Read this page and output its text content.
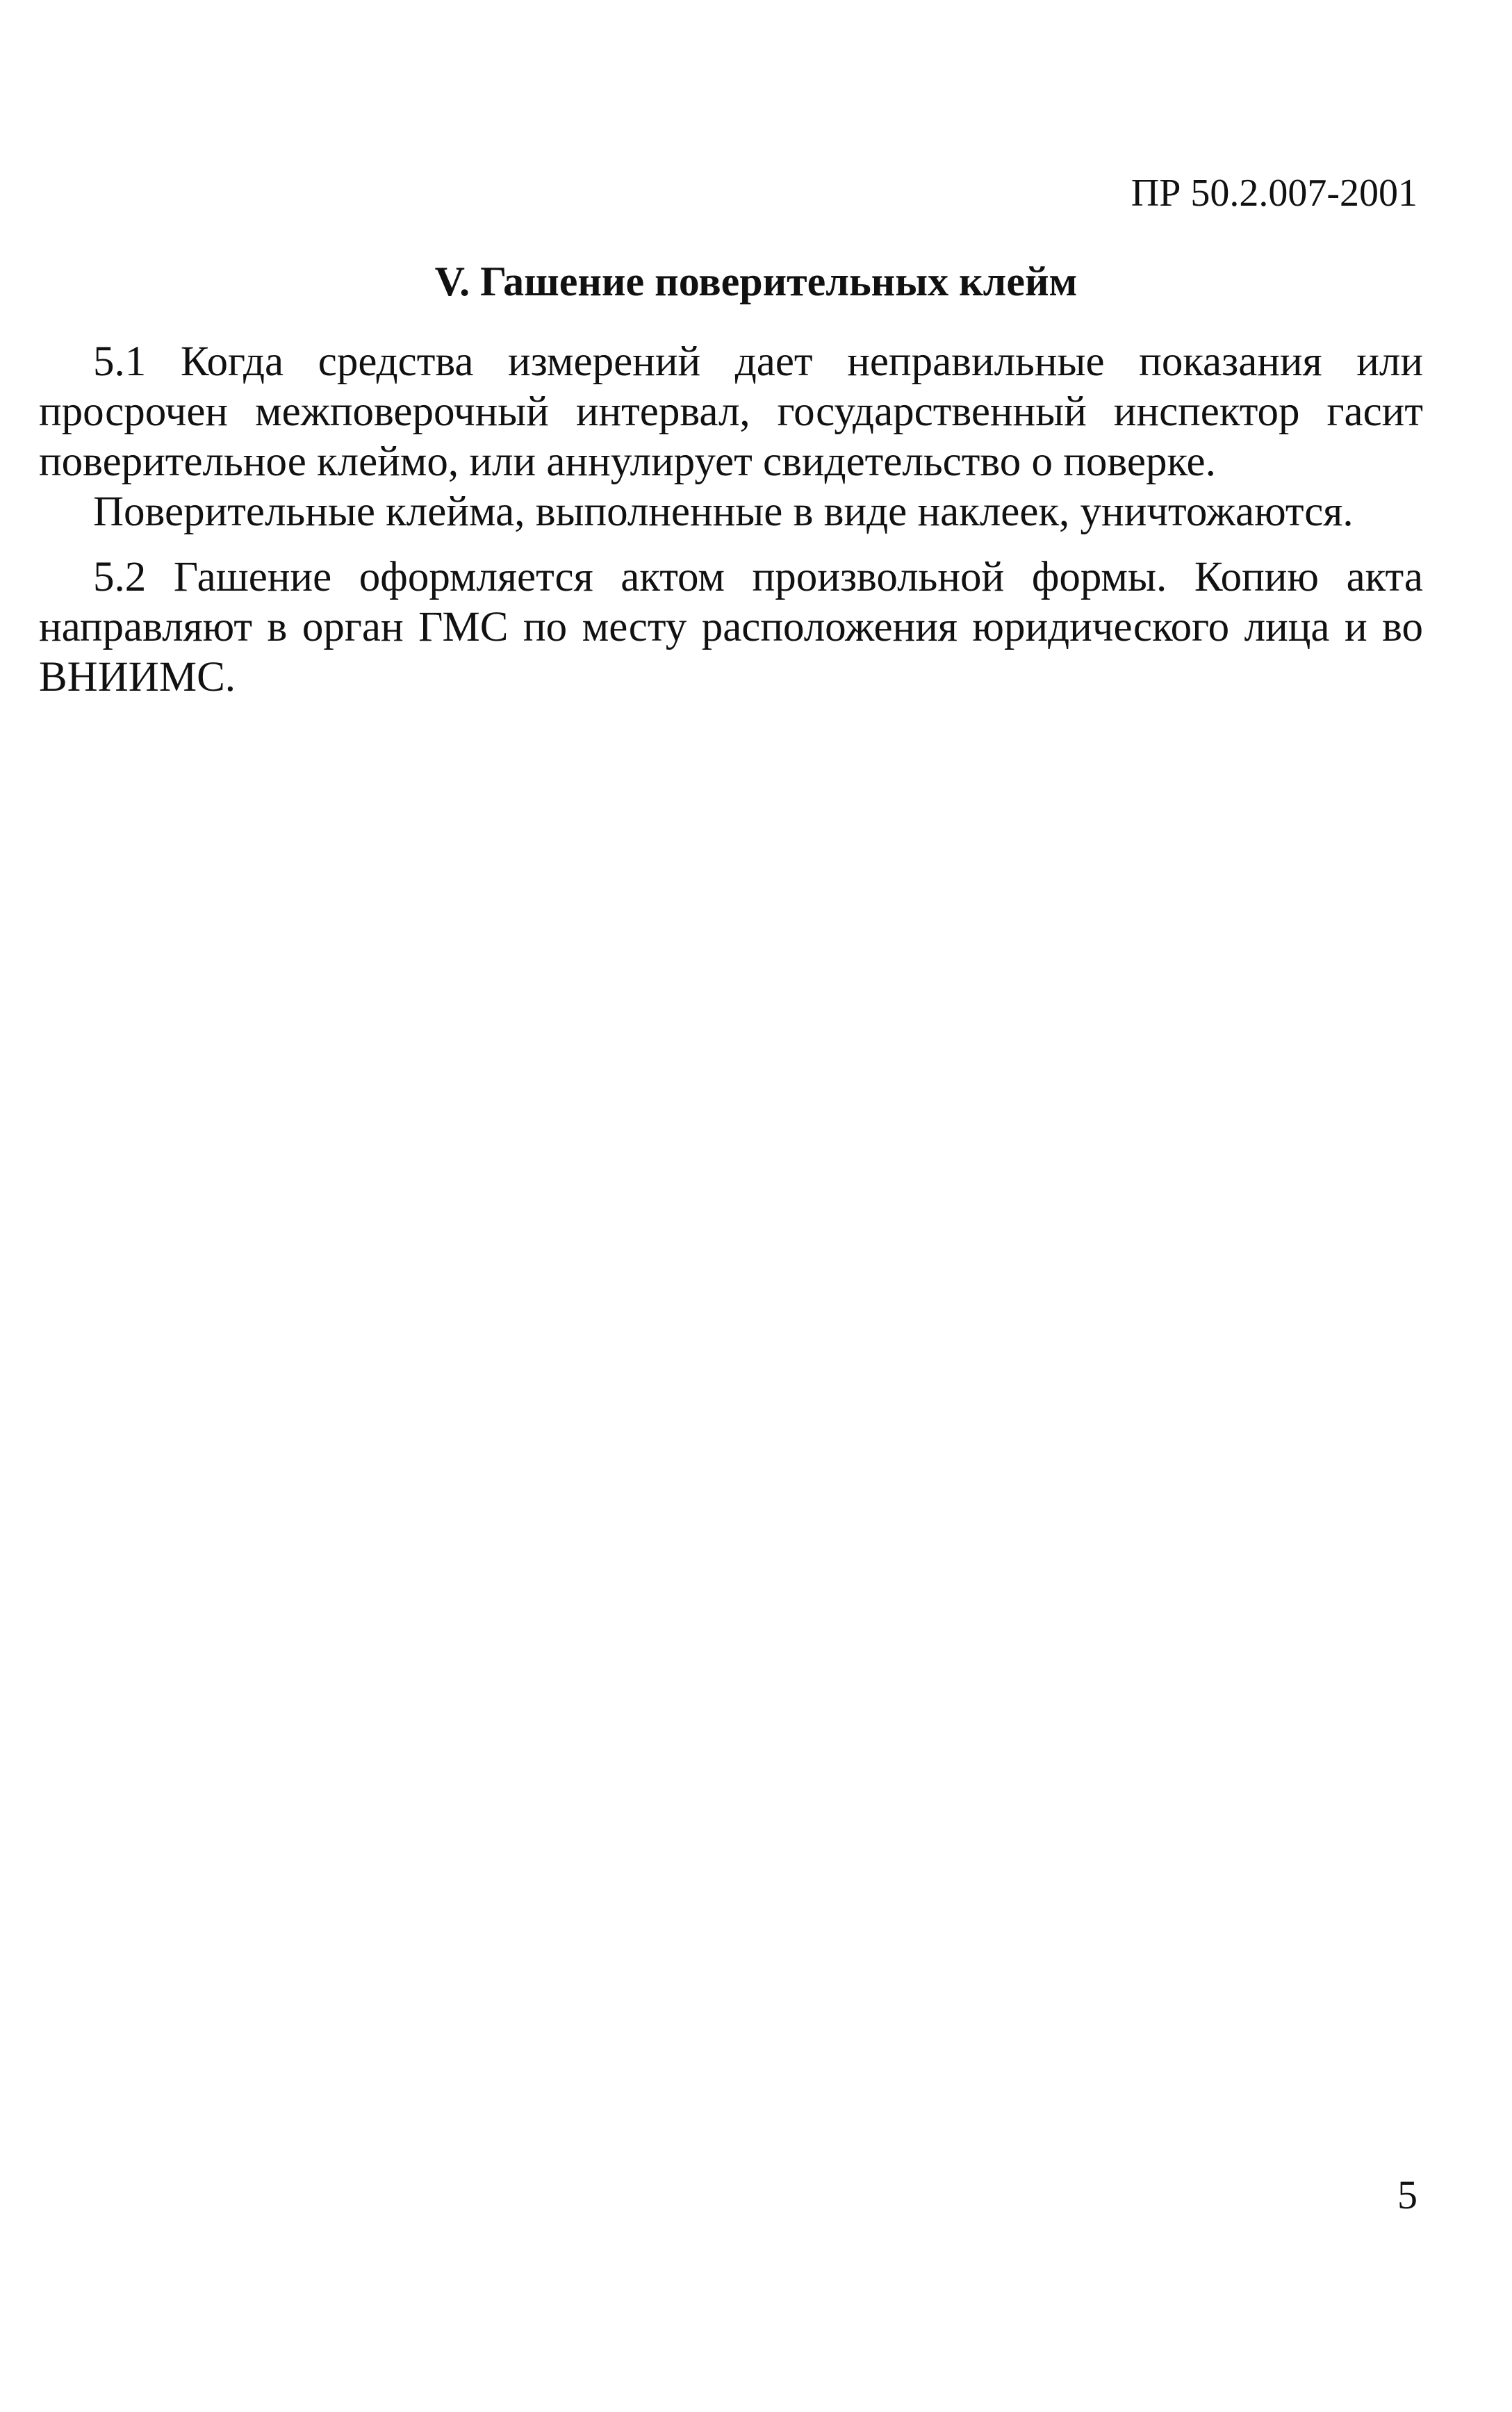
ПР 50.2.007-2001
V. Гашение поверительных клейм

5.1 Когда средства измерений дает неправильные показания или просрочен межповерочный интервал, государственный инспектор гасит поверительное клеймо, или аннулирует свидетельство о поверке.

Поверительные клейма, выполненные в виде наклеек, уничтожаются.

5.2 Гашение оформляется актом произвольной формы. Копию акта направляют в орган ГМС по месту расположения юридического лица и во ВНИИМС.

5
